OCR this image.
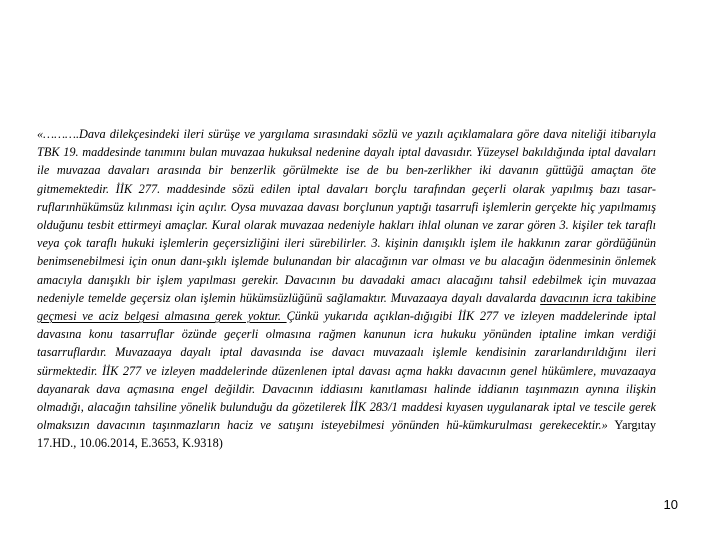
«……….Dava dilekçesindeki ileri sürüşe ve yargılama sırasındaki sözlü ve yazılı açıklamalara göre dava niteliği itibarıyla TBK 19. maddesinde tanımını bulan muvazaa hukuksal nedenine dayalı iptal davasıdır. Yüzeysel bakıldığında iptal davaları ile muvazaa davaları arasında bir benzerlik görülmekte ise de bu ben-zerlikher iki davanın güttüğü amaçtan öte gitmemektedir. İİK 277. maddesinde sözü edilen iptal davaları borçlu tarafından geçerli olarak yapılmış bazı tasar-ruflarınhükümsüz kılınması için açılır. Oysa muvazaa davası borçlunun yaptığı tasarrufi işlemlerin gerçekte hiç yapılmamış olduğunu tesbit ettirmeyi amaçlar. Kural olarak muvazaa nedeniyle hakları ihlal olunan ve zarar gören 3. kişiler tek taraflı veya çok taraflı hukuki işlemlerin geçersizliğini ileri sürebilirler. 3. kişinin danışıklı işlem ile hakkının zarar gördüğünün benimsenebilmesi için onun danı-şıklı işlemde bulunandan bir alacağının var olması ve bu alacağın ödenmesinin önlemek amacıyla danışıklı bir işlem yapılması gerekir. Davacının bu davadaki amacı alacağını tahsil edebilmek için muvazaa nedeniyle temelde geçersiz olan işlemin hükümsüzlüğünü sağlamaktır. Muvazaaya dayalı davalarda davacının icra takibine geçmesi ve aciz belgesi almasına gerek yoktur. Çünkü yukarıda açıklan-dığıgibi İİK 277 ve izleyen maddelerinde iptal davasına konu tasarruflar özünde geçerli olmasına rağmen kanunun icra hukuku yönünden iptaline imkan verdiği tasarruflardır. Muvazaaya dayalı iptal davasında ise davacı muvazaalı işlemle kendisinin zararlandırıldığını ileri sürmektedir. İİK 277 ve izleyen maddelerinde düzenlenen iptal davası açma hakkı davacının genel hükümlere, muvazaaya dayanarak dava açmasına engel değildir. Davacının iddiasını kanıtlaması halinde iddianın taşınmazın aynına ilişkin olmadığı, alacağın tahsiline yönelik bulunduğu da gözetilerek İİK 283/1 maddesi kıyasen uygulanarak iptal ve tescile gerek olmaksızın davacının taşınmazların haciz ve satışını isteyebilmesi yönünden hü-kümkurulması gerekecektir.» Yargıtay 17.HD., 10.06.2014, E.3653, K.9318)
10
